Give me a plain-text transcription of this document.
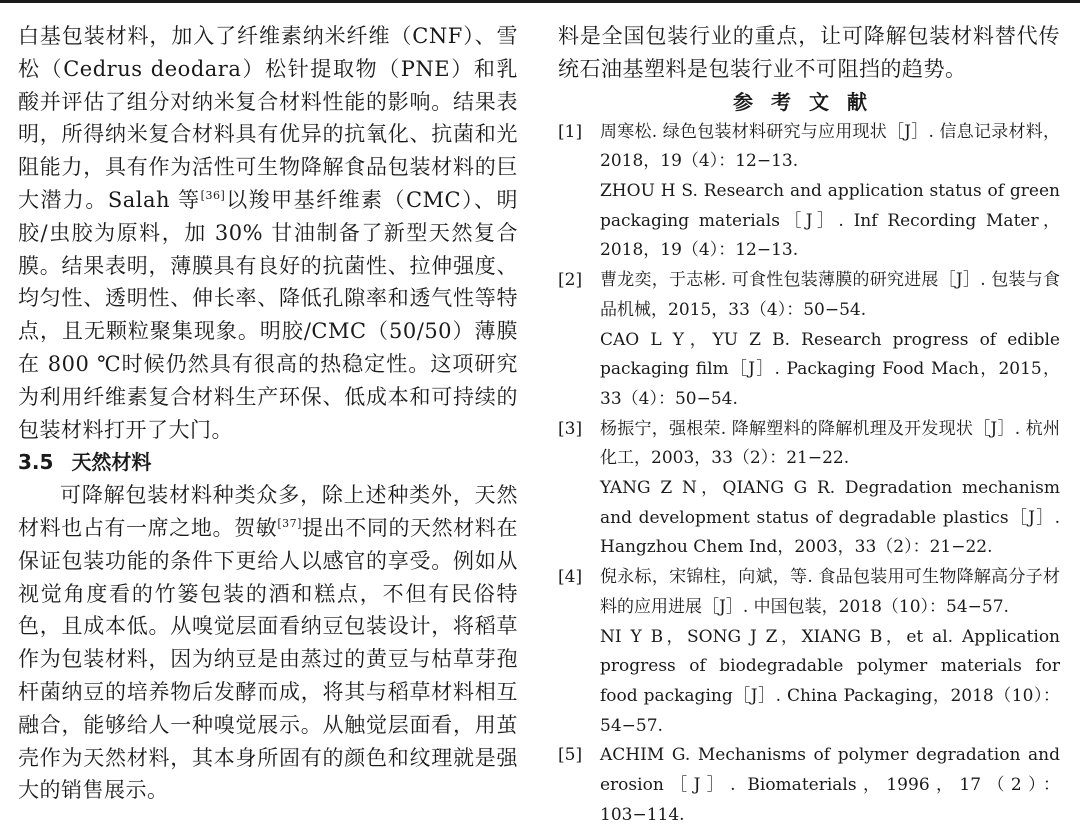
白基包装材料，加入了纤维素纳米纤维（CNF）、雪松（Cedrus deodara）松针提取物（PNE）和乳酸并评估了组分对纳米复合材料性能的影响。结果表明，所得纳米复合材料具有优异的抗氧化、抗菌和光阻能力，具有作为活性可生物降解食品包装材料的巨大潜力。Salah 等[36]以羧甲基纤维素（CMC）、明胶/虫胶为原料，加 30% 甘油制备了新型天然复合膜。结果表明，薄膜具有良好的抗菌性、拉伸强度、均匀性、透明性、伸长率、降低孔隙率和透气性等特点，且无颗粒聚集现象。明胶/CMC（50/50）薄膜在 800 ℃时候仍然具有很高的热稳定性。这项研究为利用纤维素复合材料生产环保、低成本和可持续的包装材料打开了大门。

3.5 天然材料

可降解包装材料种类众多，除上述种类外，天然材料也占有一席之地。贺敏[37]提出不同的天然材料在保证包装功能的条件下更给人以感官的享受。例如从视觉角度看的竹篓包装的酒和糕点，不但有民俗特色，且成本低。从嗅觉层面看纳豆包装设计，将稻草作为包装材料，因为纳豆是由蒸过的黄豆与枯草芽孢杆菌纳豆的培养物后发酵而成，将其与稻草材料相互融合，能够给人一种嗅觉展示。从触觉层面看，用茧壳作为天然材料，其本身所固有的颜色和纹理就是强大的销售展示。

料是全国包装行业的重点，让可降解包装材料替代传统石油基塑料是包装行业不可阻挡的趋势。

参考文献

[1] 周寒松. 绿色包装材料研究与应用现状［J］. 信息记录材料，2018，19（4）：12−13.

ZHOU H S. Research and application status of green packaging materials［J］. Inf Recording Mater，2018，19（4）：12−13.

[2] 曹龙奕，于志彬. 可食性包装薄膜的研究进展［J］. 包装与食品机械，2015，33（4）：50−54.

CAO L Y，YU Z B. Research progress of edible packaging film［J］. Packaging Food Mach，2015，33（4）：50−54.

[3] 杨振宁，强根荣. 降解塑料的降解机理及开发现状［J］. 杭州化工，2003，33（2）：21−22.

YANG Z N，QIANG G R. Degradation mechanism and development status of degradable plastics［J］. Hangzhou Chem Ind，2003，33（2）：21−22.

[4] 倪永标，宋锦柱，向斌，等. 食品包装用可生物降解高分子材料的应用进展［J］. 中国包装，2018（10）：54−57.

NI Y B，SONG J Z，XIANG B，et al. Application progress of biodegradable polymer materials for food packaging［J］. China Packaging，2018（10）：54−57.

[5] ACHIM G. Mechanisms of polymer degradation and erosion［J］. Biomaterials，1996，17（2）：103−114.
